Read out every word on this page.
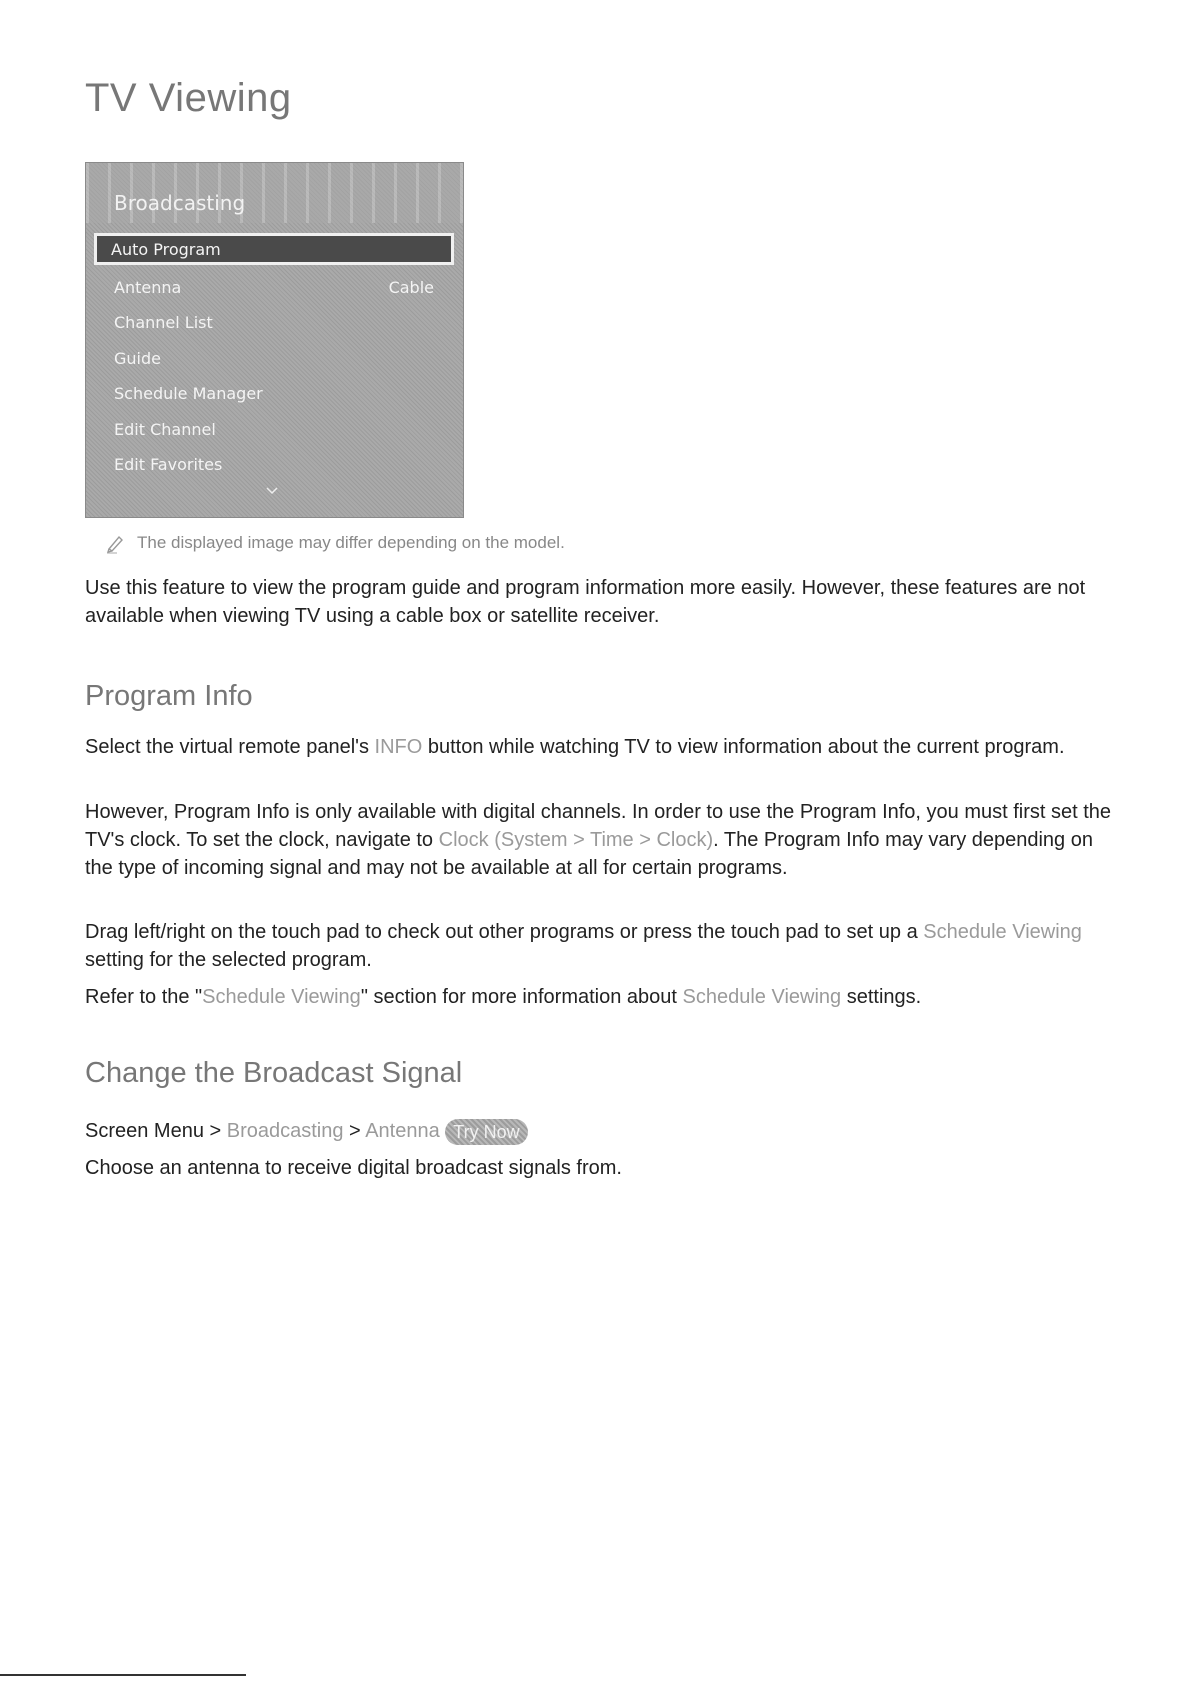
TV Viewing
Broadcasting
Auto Program
Antenna	Cable
Channel List
Guide
Schedule Manager
Edit Channel
Edit Favorites
The displayed image may differ depending on the model.

Use this feature to view the program guide and program information more easily. However, these features are not available when viewing TV using a cable box or satellite receiver.

Program Info

Select the virtual remote panel's INFO button while watching TV to view information about the current program.

However, Program Info is only available with digital channels. In order to use the Program Info, you must first set the TV's clock. To set the clock, navigate to Clock (System > Time > Clock). The Program Info may vary depending on the type of incoming signal and may not be available at all for certain programs.

Drag left/right on the touch pad to check out other programs or press the touch pad to set up a Schedule Viewing setting for the selected program.

Refer to the "Schedule Viewing" section for more information about Schedule Viewing settings.

Change the Broadcast Signal

Screen Menu > Broadcasting > Antenna Try Now

Choose an antenna to receive digital broadcast signals from.
